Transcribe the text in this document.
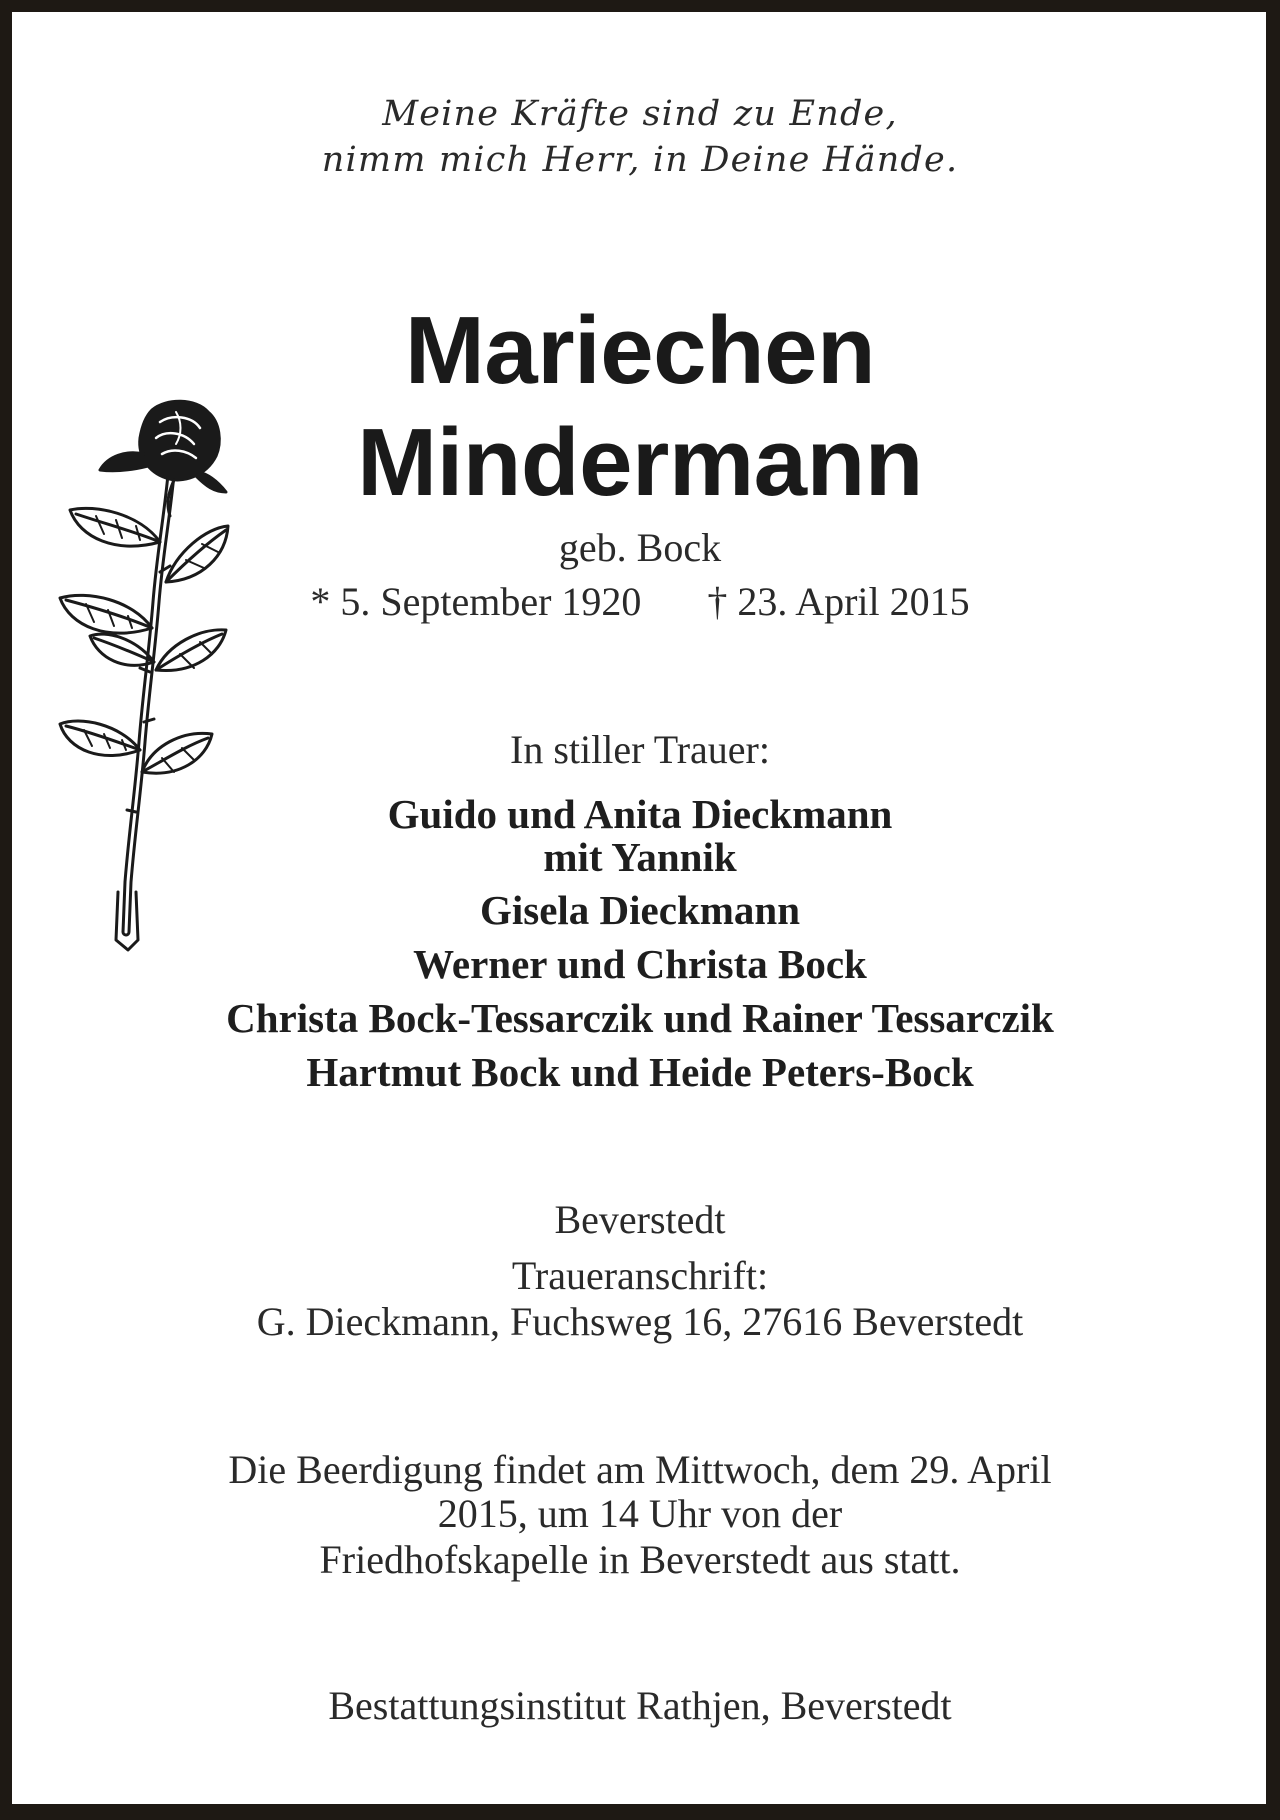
Meine Kräfte sind zu Ende,
nimm mich Herr, in Deine Hände.
Mariechen
Mindermann
geb. Bock
* 5. September 1920 † 23. April 2015
In stiller Trauer:
Guido und Anita Dieckmann
mit Yannik
Gisela Dieckmann
Werner und Christa Bock
Christa Bock-Tessarczik und Rainer Tessarczik
Hartmut Bock und Heide Peters-Bock
Beverstedt
Traueranschrift:
G. Dieckmann, Fuchsweg 16, 27616 Beverstedt
Die Beerdigung findet am Mittwoch, dem 29. April
2015, um 14 Uhr von der
Friedhofskapelle in Beverstedt aus statt.
Bestattungsinstitut Rathjen, Beverstedt
